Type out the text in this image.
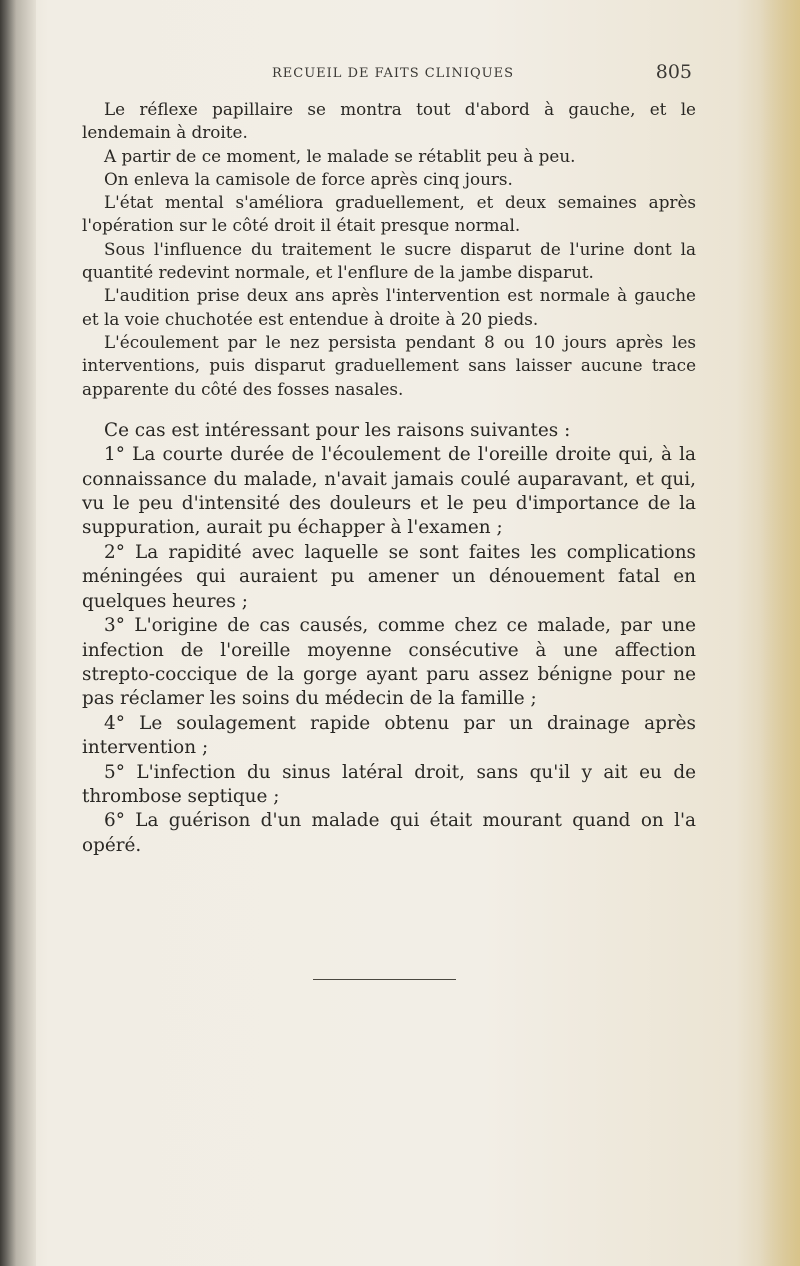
RECUEIL DE FAITS CLINIQUES	805

Le réflexe papillaire se montra tout d'abord à gauche, et le lendemain à droite.

A partir de ce moment, le malade se rétablit peu à peu.

On enleva la camisole de force après cinq jours.

L'état mental s'améliora graduellement, et deux semaines après l'opération sur le côté droit il était presque normal.

Sous l'influence du traitement le sucre disparut de l'urine dont la quantité redevint normale, et l'enflure de la jambe disparut.

L'audition prise deux ans après l'intervention est normale à gauche et la voie chuchotée est entendue à droite à 20 pieds.

L'écoulement par le nez persista pendant 8 ou 10 jours après les interventions, puis disparut graduellement sans laisser aucune trace apparente du côté des fosses nasales.

Ce cas est intéressant pour les raisons suivantes :

1° La courte durée de l'écoulement de l'oreille droite qui, à la connaissance du malade, n'avait jamais coulé auparavant, et qui, vu le peu d'intensité des douleurs et le peu d'importance de la suppuration, aurait pu échapper à l'examen ;

2° La rapidité avec laquelle se sont faites les complications méningées qui auraient pu amener un dénouement fatal en quelques heures ;

3° L'origine de cas causés, comme chez ce malade, par une infection de l'oreille moyenne consécutive à une affection strepto-coccique de la gorge ayant paru assez bénigne pour ne pas réclamer les soins du médecin de la famille ;

4° Le soulagement rapide obtenu par un drainage après intervention ;

5° L'infection du sinus latéral droit, sans qu'il y ait eu de thrombose septique ;

6° La guérison d'un malade qui était mourant quand on l'a opéré.
